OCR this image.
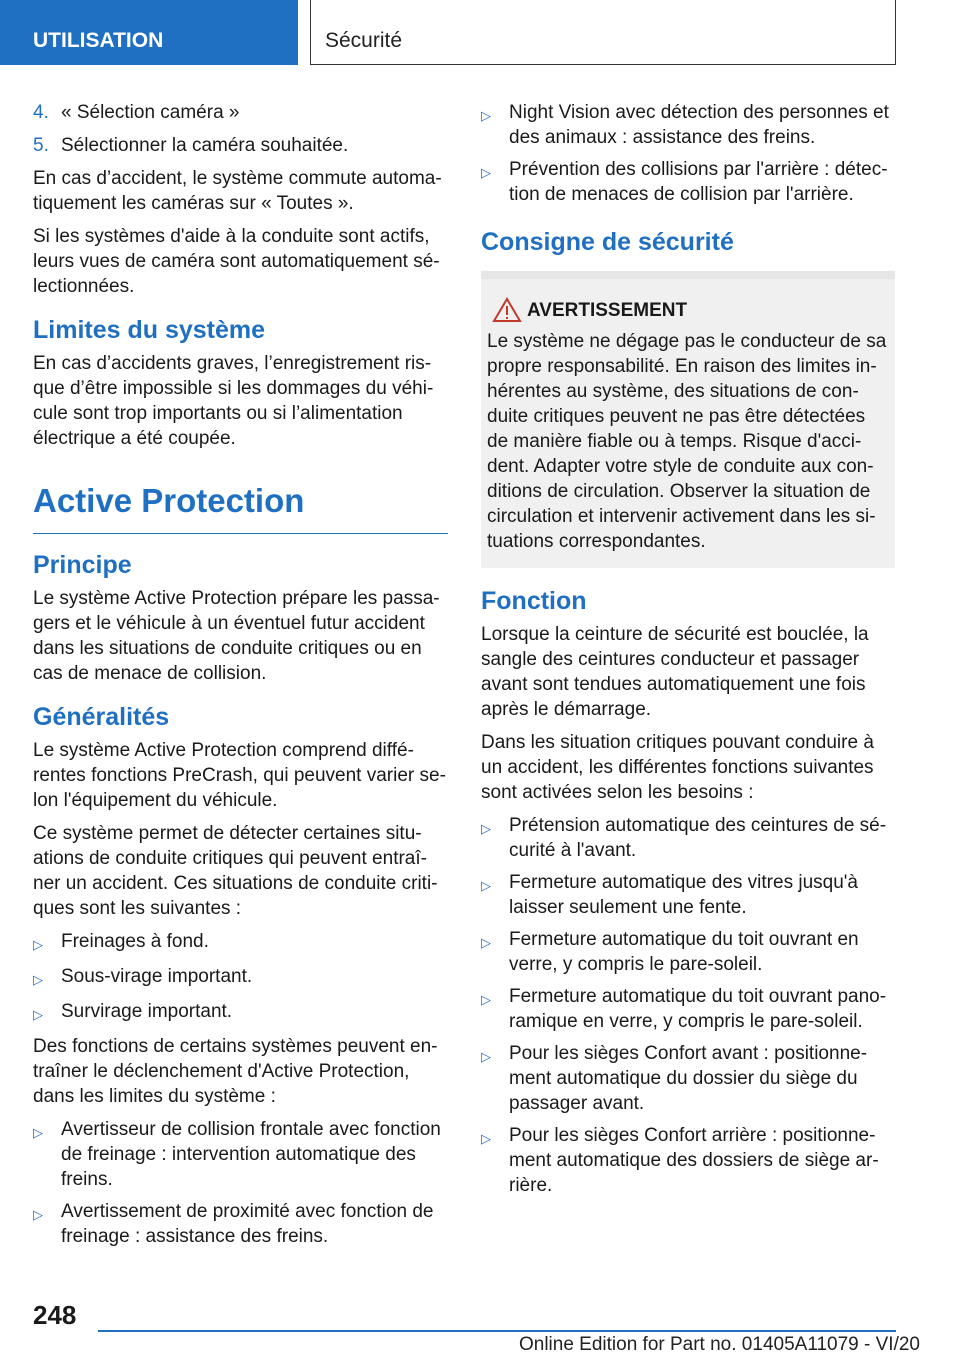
UTILISATION	Sécurité
4. « Sélection caméra »
5. Sélectionner la caméra souhaitée.

En cas d’accident, le système commute automatiquement les caméras sur « Toutes ».

Si les systèmes d'aide à la conduite sont actifs, leurs vues de caméra sont automatiquement sélectionnées.

Limites du système

En cas d’accidents graves, l’enregistrement risque d’être impossible si les dommages du véhicule sont trop importants ou si l’alimentation électrique a été coupée.

Active Protection
Principe

Le système Active Protection prépare les passagers et le véhicule à un éventuel futur accident dans les situations de conduite critiques ou en cas de menace de collision.

Généralités

Le système Active Protection comprend différentes fonctions PreCrash, qui peuvent varier selon l'équipement du véhicule.

Ce système permet de détecter certaines situations de conduite critiques qui peuvent entraîner un accident. Ces situations de conduite critiques sont les suivantes :

▷ Freinages à fond.
▷ Sous-virage important.
▷ Survirage important.

Des fonctions de certains systèmes peuvent entraîner le déclenchement d'Active Protection, dans les limites du système :

▷ Avertisseur de collision frontale avec fonction de freinage : intervention automatique des freins.
▷ Avertissement de proximité avec fonction de freinage : assistance des freins.
▷ Night Vision avec détection des personnes et des animaux : assistance des freins.
▷ Prévention des collisions par l'arrière : détection de menaces de collision par l'arrière.
Consigne de sécurité
AVERTISSEMENT
Le système ne dégage pas le conducteur de sa propre responsabilité. En raison des limites inhérentes au système, des situations de conduite critiques peuvent ne pas être détectées de manière fiable ou à temps. Risque d'accident. Adapter votre style de conduite aux conditions de circulation. Observer la situation de circulation et intervenir activement dans les situations correspondantes.
Fonction

Lorsque la ceinture de sécurité est bouclée, la sangle des ceintures conducteur et passager avant sont tendues automatiquement une fois après le démarrage.

Dans les situation critiques pouvant conduire à un accident, les différentes fonctions suivantes sont activées selon les besoins :

▷ Prétension automatique des ceintures de sécurité à l'avant.
▷ Fermeture automatique des vitres jusqu'à laisser seulement une fente.
▷ Fermeture automatique du toit ouvrant en verre, y compris le pare-soleil.
▷ Fermeture automatique du toit ouvrant panoramique en verre, y compris le pare-soleil.
▷ Pour les sièges Confort avant : positionnement automatique du dossier du siège du passager avant.
▷ Pour les sièges Confort arrière : positionnement automatique des dossiers de siège arrière.
248
Online Edition for Part no. 01405A11079 - VI/20
